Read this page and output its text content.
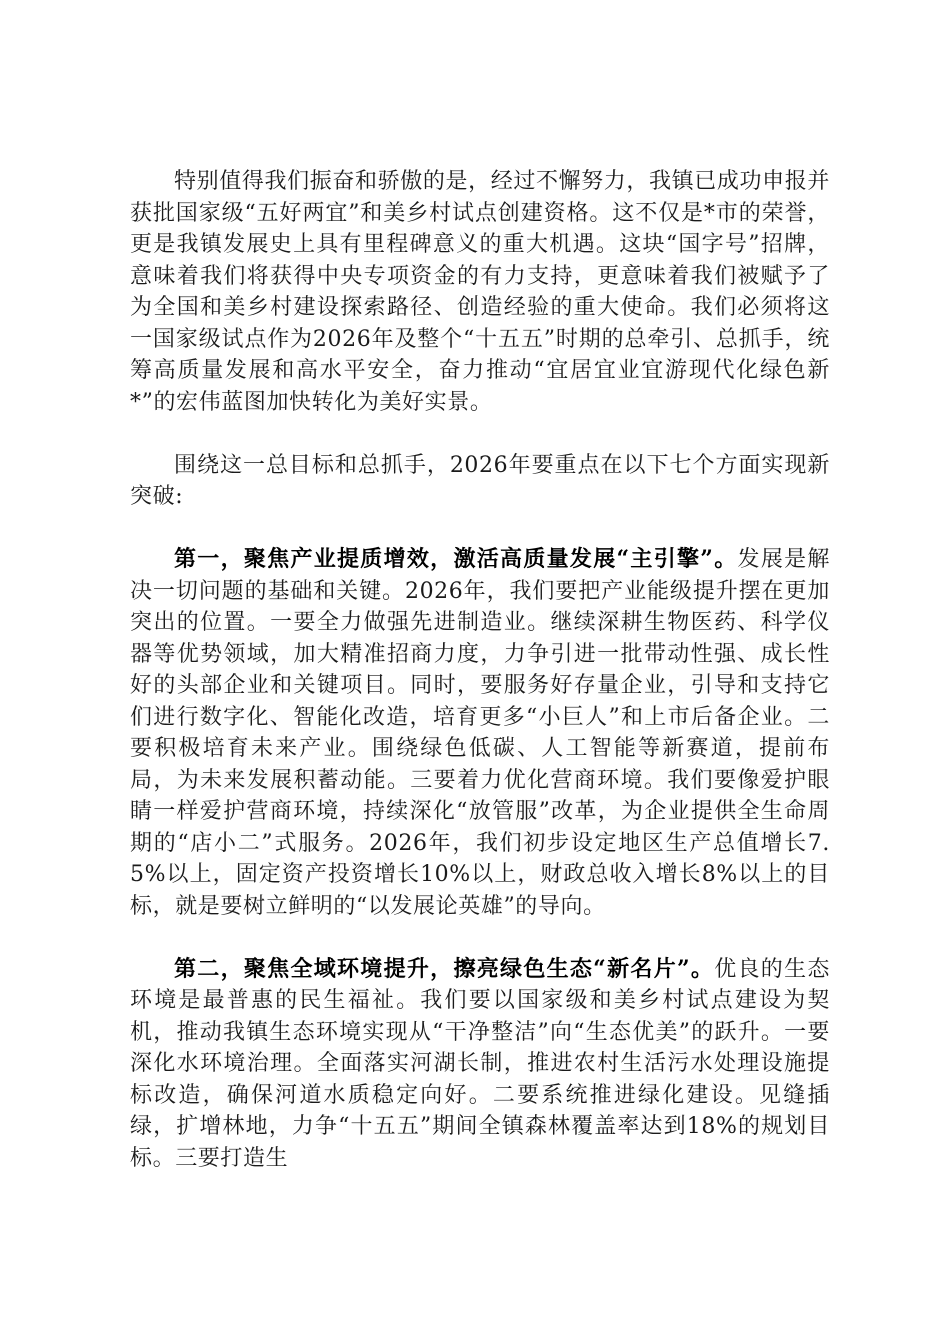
特别值得我们振奋和骄傲的是，经过不懈努力，我镇已成功申报并获批国家级“五好两宜”和美乡村试点创建资格。这不仅是*市的荣誉，更是我镇发展史上具有里程碑意义的重大机遇。这块“国字号”招牌，意味着我们将获得中央专项资金的有力支持，更意味着我们被赋予了为全国和美乡村建设探索路径、创造经验的重大使命。我们必须将这一国家级试点作为2026年及整个“十五五”时期的总牵引、总抓手，统筹高质量发展和高水平安全，奋力推动“宜居宜业宜游现代化绿色新*”的宏伟蓝图加快转化为美好实景。

围绕这一总目标和总抓手，2026年要重点在以下七个方面实现新突破:

第一，聚焦产业提质增效，激活高质量发展“主引擎”。发展是解决一切问题的基础和关键。2026年，我们要把产业能级提升摆在更加突出的位置。一要全力做强先进制造业。继续深耕生物医药、科学仪器等优势领域，加大精准招商力度，力争引进一批带动性强、成长性好的头部企业和关键项目。同时，要服务好存量企业，引导和支持它们进行数字化、智能化改造，培育更多“小巨人”和上市后备企业。二要积极培育未来产业。围绕绿色低碳、人工智能等新赛道，提前布局，为未来发展积蓄动能。三要着力优化营商环境。我们要像爱护眼睛一样爱护营商环境，持续深化“放管服”改革，为企业提供全生命周期的“店小二”式服务。2026年，我们初步设定地区生产总值增长7.5%以上，固定资产投资增长10%以上，财政总收入增长8%以上的目标，就是要树立鲜明的“以发展论英雄”的导向。

第二，聚焦全域环境提升，擦亮绿色生态“新名片”。优良的生态环境是最普惠的民生福祉。我们要以国家级和美乡村试点建设为契机，推动我镇生态环境实现从“干净整洁”向“生态优美”的跃升。一要深化水环境治理。全面落实河湖长制，推进农村生活污水处理设施提标改造，确保河道水质稳定向好。二要系统推进绿化建设。见缝插绿，扩增林地，力争“十五五”期间全镇森林覆盖率达到18%的规划目标。三要打造生
